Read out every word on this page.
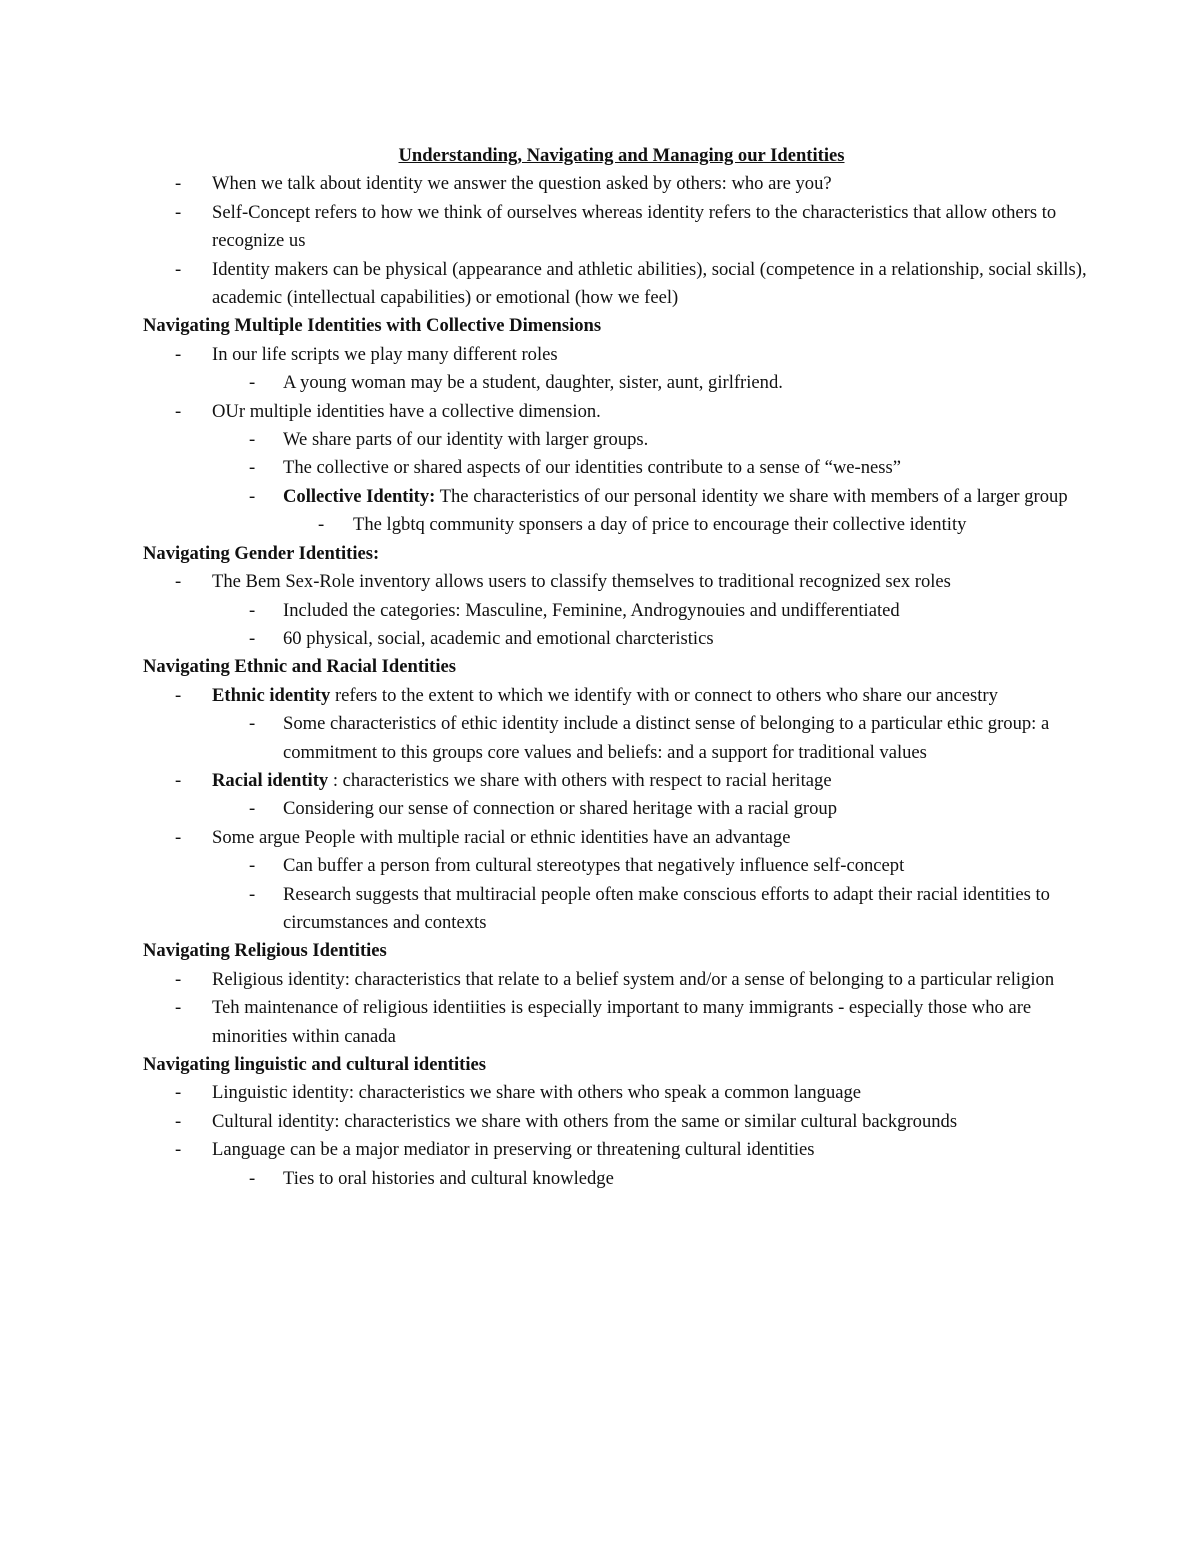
Understanding, Navigating and Managing our Identities

-	When we talk about identity we answer the question asked by others: who are you?

-	Self-Concept refers to how we think of ourselves whereas identity refers to the characteristics that allow others to recognize us

-	Identity makers can be physical (appearance and athletic abilities), social (competence in a relationship, social skills), academic (intellectual capabilities) or emotional (how we feel)

Navigating Multiple Identities with Collective Dimensions

-	In our life scripts we play many different roles

-	A young woman may be a student, daughter, sister, aunt, girlfriend.

-	OUr multiple identities have a collective dimension.

-	We share parts of our identity with larger groups.

-	The collective or shared aspects of our identities contribute to a sense of “we-ness”

-	Collective Identity: The characteristics of our personal identity we share with members of a larger group

-	The lgbtq community sponsers a day of price to encourage their collective identity

Navigating Gender Identities:

-	The Bem Sex-Role inventory allows users to classify themselves to traditional recognized sex roles

-	Included the categories: Masculine, Feminine, Androgynouies and undifferentiated

-	60 physical, social, academic and emotional charcteristics

Navigating Ethnic and Racial Identities

-	Ethnic identity refers to the extent to which we identify with or connect to others who share our ancestry

-	Some characteristics of ethic identity include a distinct sense of belonging to a particular ethic group: a commitment to this groups core values and beliefs: and a support for traditional values

-	Racial identity : characteristics we share with others with respect to racial heritage

-	Considering our sense of connection or shared heritage with a racial group

-	Some argue People with multiple racial or ethnic identities have an advantage

-	Can buffer a person from cultural stereotypes that negatively influence self-concept

-	Research suggests that multiracial people often make conscious efforts to adapt their racial identities to circumstances and contexts

Navigating Religious Identities

-	Religious identity: characteristics that relate to a belief system and/or a sense of belonging to a particular religion

-	Teh maintenance of religious identiities is especially important to many immigrants - especially those who are minorities within canada

Navigating linguistic and cultural identities

-	Linguistic identity: characteristics we share with others who speak a common language

-	Cultural identity: characteristics we share with others from the same or similar cultural backgrounds

-	Language can be a major mediator in preserving or threatening cultural identities

-	Ties to oral histories and cultural knowledge
